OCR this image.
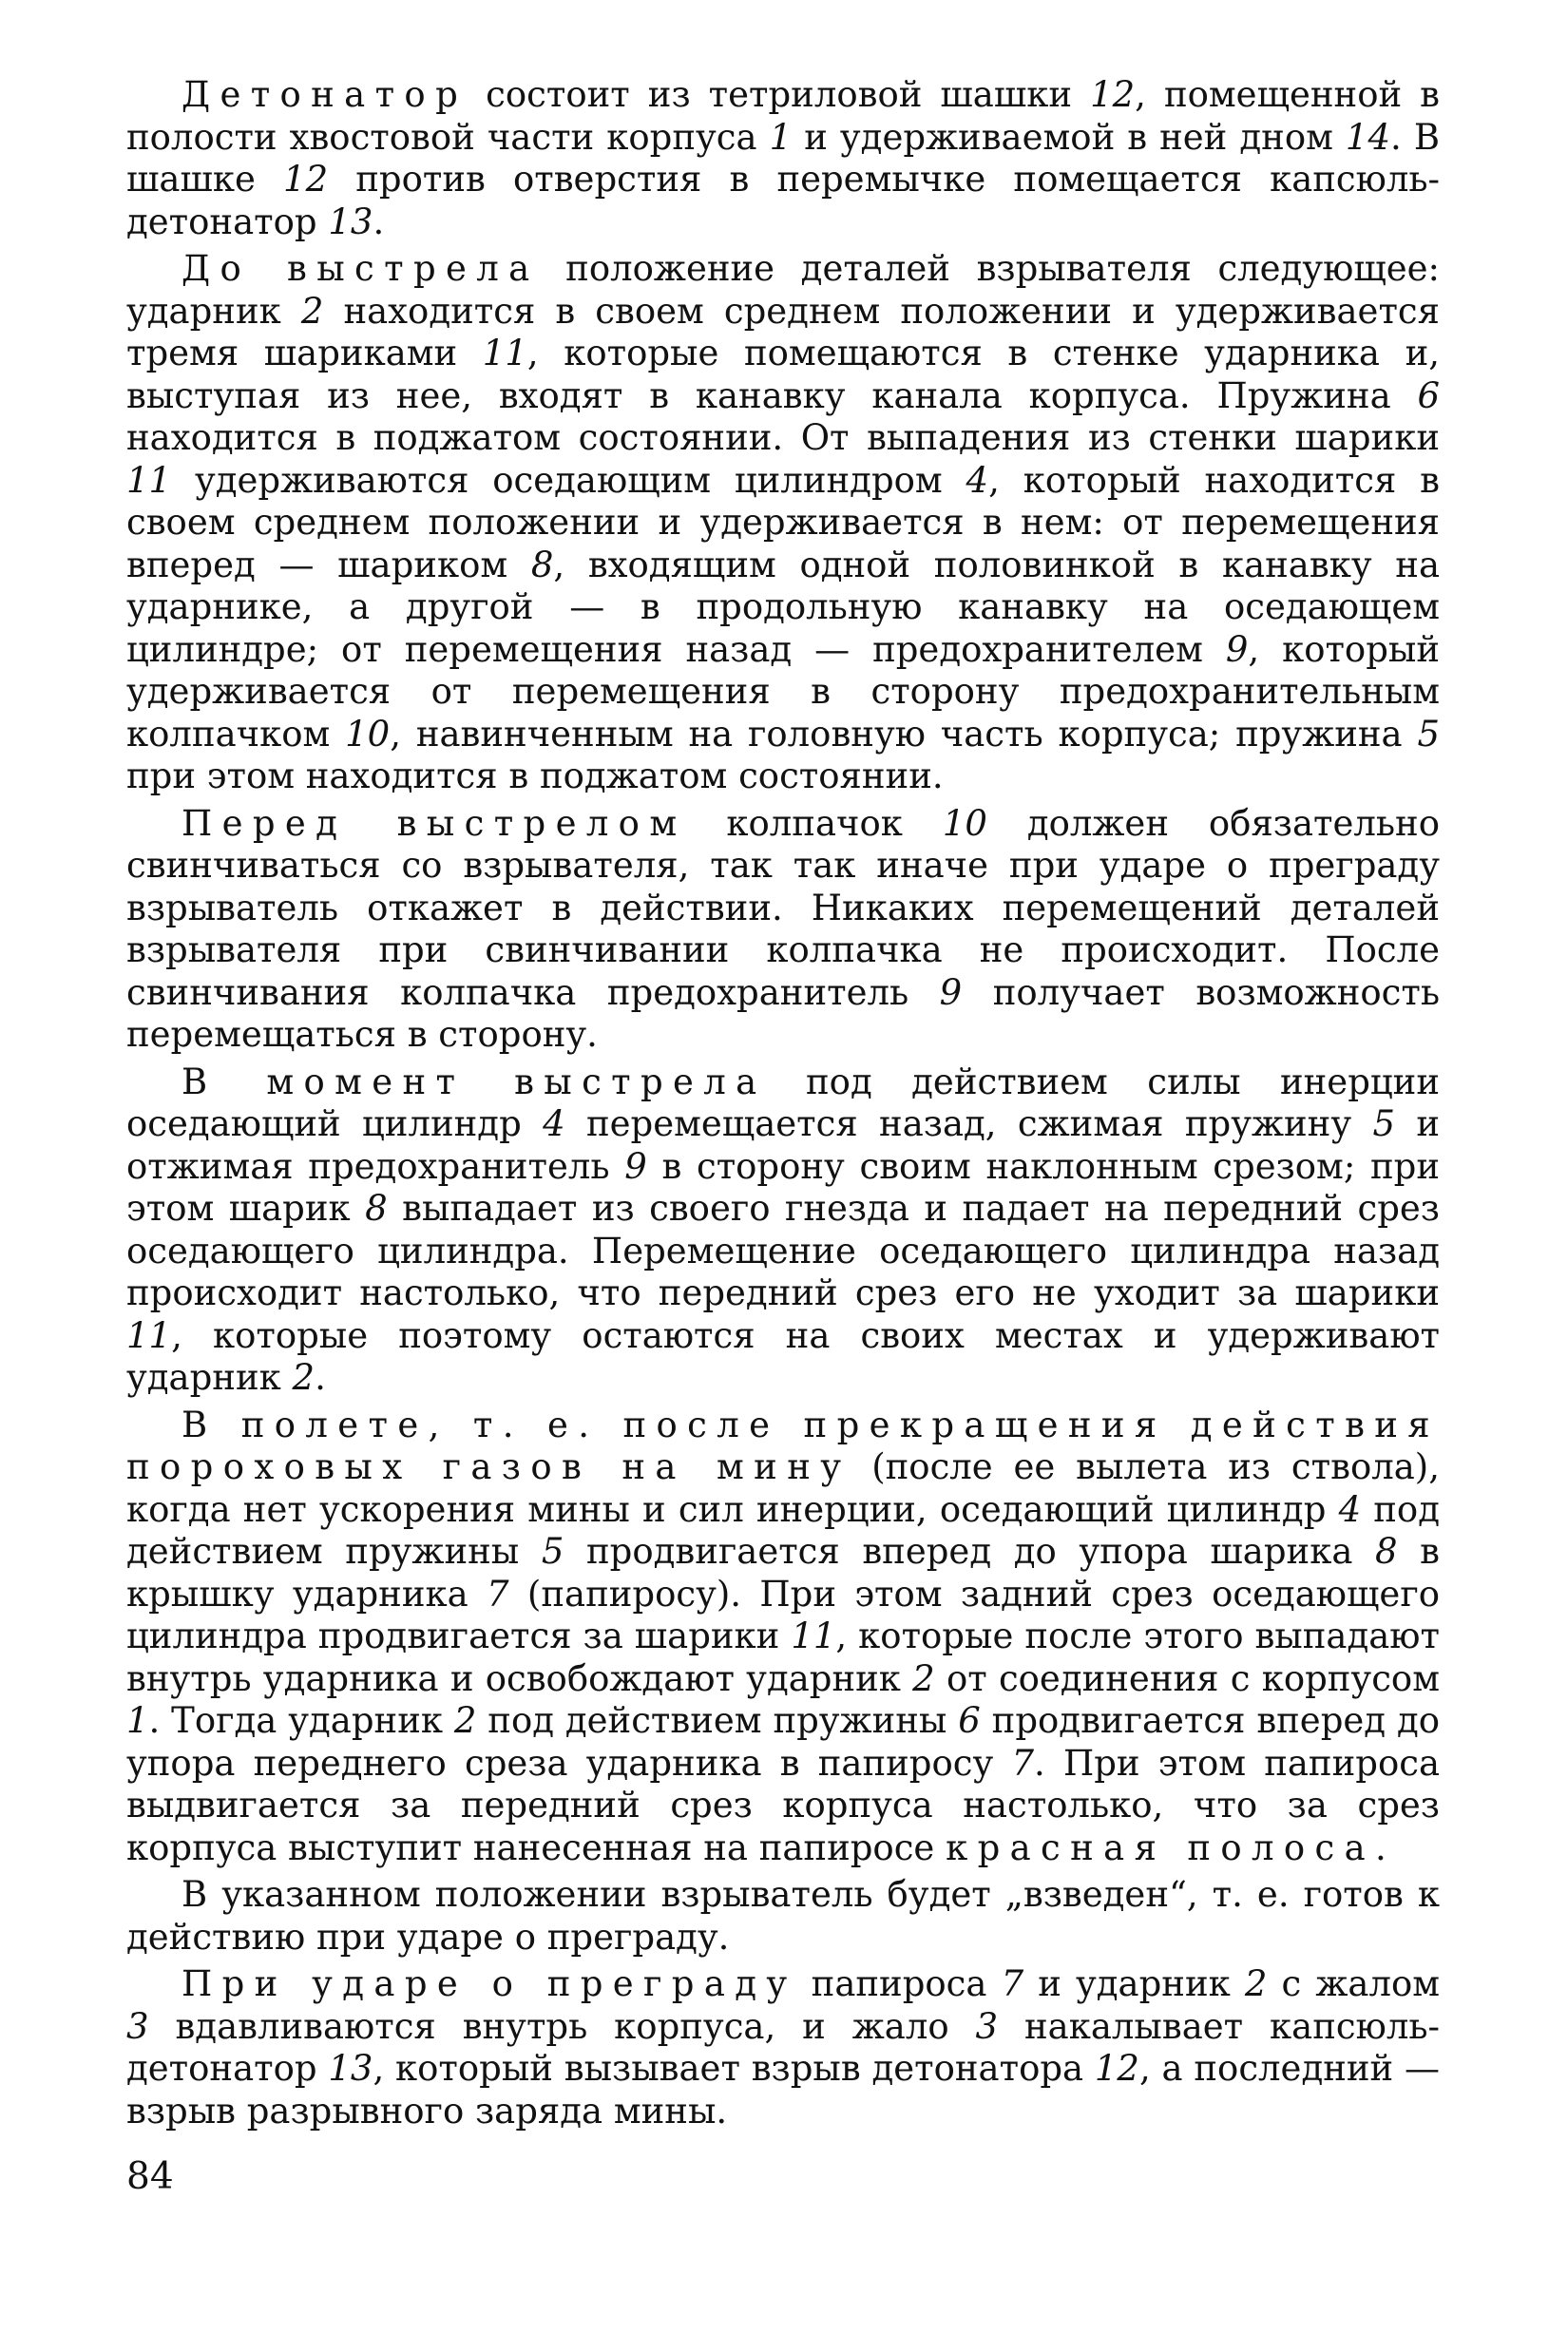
Детонатор состоит из тетриловой шашки 12, помещенной в полости хвостовой части корпуса 1 и удерживаемой в ней дном 14. В шашке 12 против отверстия в перемычке помещается капсюль-детонатор 13.

До выстрела положение деталей взрывателя следующее: ударник 2 находится в своем среднем положении и удерживается тремя шариками 11, которые помещаются в стенке ударника и, выступая из нее, входят в канавку канала корпуса. Пружина 6 находится в поджатом состоянии. От выпадения из стенки шарики 11 удерживаются оседающим цилиндром 4, который находится в своем среднем положении и удерживается в нем: от перемещения вперед — шариком 8, входящим одной половинкой в канавку на ударнике, а другой — в продольную канавку на оседающем цилиндре; от перемещения назад — предохранителем 9, который удерживается от перемещения в сторону предохранительным колпачком 10, навинченным на головную часть корпуса; пружина 5 при этом находится в поджатом состоянии.

Перед выстрелом колпачок 10 должен обязательно свинчиваться со взрывателя, так так иначе при ударе о преграду взрыватель откажет в действии. Никаких перемещений деталей взрывателя при свинчивании колпачка не происходит. После свинчивания колпачка предохранитель 9 получает возможность перемещаться в сторону.

В момент выстрела под действием силы инерции оседающий цилиндр 4 перемещается назад, сжимая пружину 5 и отжимая предохранитель 9 в сторону своим наклонным срезом; при этом шарик 8 выпадает из своего гнезда и падает на передний срез оседающего цилиндра. Перемещение оседающего цилиндра назад происходит настолько, что передний срез его не уходит за шарики 11, которые поэтому остаются на своих местах и удерживают ударник 2.

В полете, т. е. после прекращения действия пороховых газов на мину (после ее вылета из ствола), когда нет ускорения мины и сил инерции, оседающий цилиндр 4 под действием пружины 5 продвигается вперед до упора шарика 8 в крышку ударника 7 (папиросу). При этом задний срез оседающего цилиндра продвигается за шарики 11, которые после этого выпадают внутрь ударника и освобождают ударник 2 от соединения с корпусом 1. Тогда ударник 2 под действием пружины 6 продвигается вперед до упора переднего среза ударника в папиросу 7. При этом папироса выдвигается за передний срез корпуса настолько, что за срез корпуса выступит нанесенная на папиросе красная полоса.

В указанном положении взрыватель будет „взведен“, т. е. готов к действию при ударе о преграду.

При ударе о преграду папироса 7 и ударник 2 с жалом 3 вдавливаются внутрь корпуса, и жало 3 накалывает капсюль-детонатор 13, который вызывает взрыв детонатора 12, а последний — взрыв разрывного заряда мины.

84
